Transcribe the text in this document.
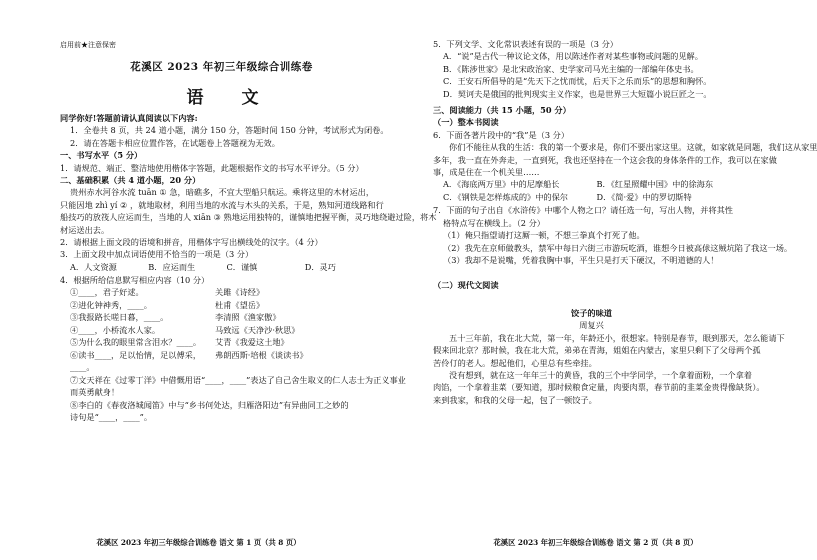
启用前★注意保密
花溪区 2023 年初三年级综合训练卷
语 文
同学你好!答题前请认真阅读以下内容:
1．全卷共 8 页，共 24 道小题，满分 150 分，答题时间 150 分钟，考试形式为闭卷。
2．请在答题卡相应位置作答，在试题卷上答题视为无效。
一、书写水平（5 分）
1．请规范、端正、整洁地使用楷体字答题，此题根据作文的书写水平评分。（5 分）
二、基础积累（共 4 道小题，20 分）
贵州赤水河谷水流 tuān ① 急，暗礁多，不宜大型船只航运。乘将这里的木材运出，
只能因地 zhì yí ② ，就地取材，利用当地的水流与木头的关系，于是，熟知河道线路和行
船技巧的放筏人应运而生，当地的人 xiān ③ 熟地运用独特的，谨慎地把握平衡，灵巧地绕避过险，将木
材运送出去。
2．请根据上面文段的语境和拼音，用楷体字写出横线处的汉字。（4 分）
3．上面文段中加点词语使用不恰当的一项是（3 分）
A．人文资源	B．应运而生	C．谨慎	D．灵巧
4．根据所给信息默写相应内容（10 分）
①____，君子好逑。	关雎《诗经》
②进化钟神秀，____。	杜甫《望岳》
③我报路长嗟日暮，____。	李清照《渔家傲》
④____，小桥流水人家。	马致远《天净沙·秋思》
⑤为什么我的眼里常含泪水？____。	艾青《我爱这土地》
⑥读书____，足以怡情，足以傅采，____。
弗朗西斯·培根《谈读书》
⑦文天祥在《过零丁洋》中借慨用语“____，____”表达了自己舍生取义的仁人志士为正义事业
而英勇献身！
⑧李白的《春夜洛城闻笛》中与“乡书何处达，归雁洛阳边”有异曲同工之妙的
诗句是“____，____”。
花溪区 2023 年初三年级综合训练卷 语文 第 1 页（共 8 页）
5．下列文学、文化常识表述有误的一项是（3 分）
A．“说”是古代一种议论文体，用以陈述作者对某些事物或问题的见解。
B．《陈涉世家》是北宋政治家、史学家司马光主编的一部编年体史书。
C．王安石所倡导的是“先天下之忧而忧，后天下之乐而乐”的思想和胸怀。
D．契诃夫是俄国的批判现实主义作家，也是世界三大短篇小说巨匠之一。
三、阅读能力（共 15 小题，50 分）
（一）整本书阅读
6．下面各著片段中的“我”是（3 分）
你们不能往从我的生活：我的第一个要求是，你们不要出家这里。这就，如家就是同题，我们这从家里
多年，我一直在外奔走，一直到死，我也还坚持在一个这会我的身体条件的工作，我可以在家做
事，成是住在一个机关里……
A．《海底两万里》中的尼摩船长	B．《红星照耀中国》中的徐海东
C．《钢铁是怎样炼成的》中的保尔	D．《简·爱》中的罗切斯特
7．下面的句子出自《水浒传》中哪个人物之口？请任选一句，写出人物，并将其性
格特点写在横线上。（2 分）
（1）俺只指望请打这厮一顿，不想三拳真个打死了他。
（2）我先在京师做教头，禁军中每日六街三市游玩吃酒，谁想今日被高俅这贼坑陷了我这一场。
（3）我却不是说嘴，凭着我胸中事，平生只是打天下硬汉，不明道德的人！
（二）现代文阅读
饺子的味道
周复兴
五十三年前，我在北大荒，第一年，年龄还小，很想家。特别是春节，眼到那天，怎么能请下
假来回北京？那时候，我在北大荒，弟弟在青海，姐姐在内蒙古，家里只剩下了父母两个孤
苦伶仃的老人。想起他们，心里总有些牵挂。
没有想到，就在这一年年三十的黄昏，我的三个中学同学，一个拿着面粉，一个拿着
肉馅，一个拿着韭菜（要知道，那时候粮食定量，肉要肉票，春节前的韭菜金贵得像缺货）。
来到我家，和我的父母一起，包了一顿饺子。
花溪区 2023 年初三年级综合训练卷 语文 第 2 页（共 8 页）
